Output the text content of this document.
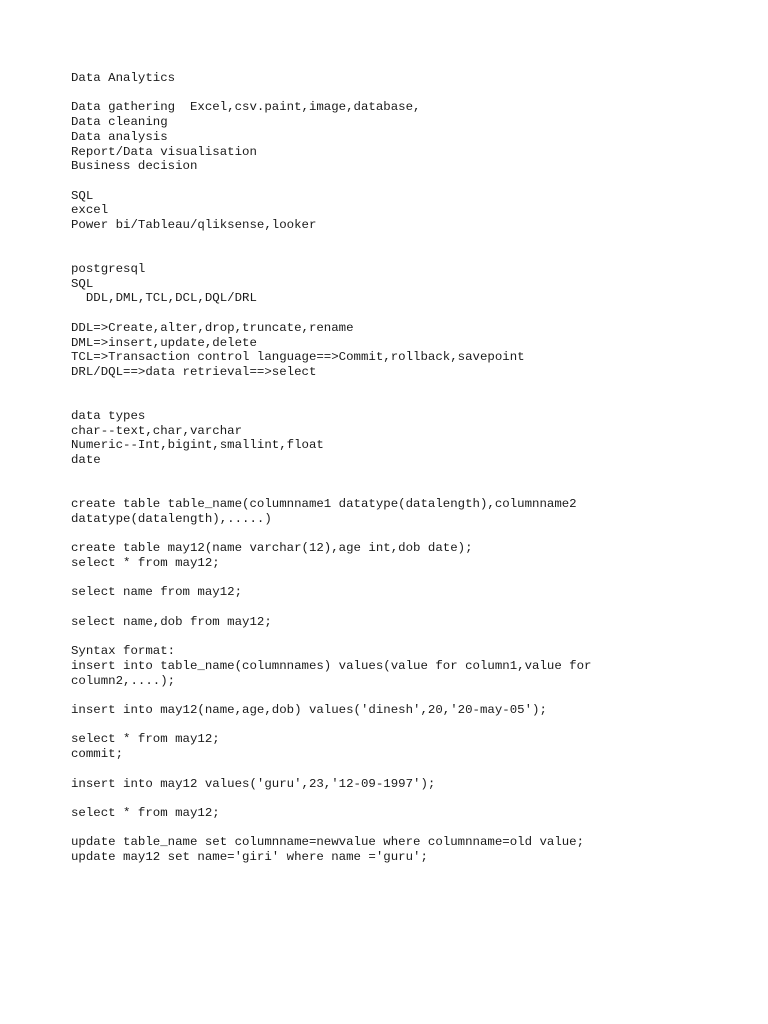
Data Analytics
Data gathering  Excel,csv.paint,image,database,
Data cleaning
Data analysis
Report/Data visualisation
Business decision
SQL
excel
Power bi/Tableau/qliksense,looker
postgresql
SQL
DDL,DML,TCL,DCL,DQL/DRL
DDL=>Create,alter,drop,truncate,rename
DML=>insert,update,delete
TCL=>Transaction control language==>Commit,rollback,savepoint
DRL/DQL==>data retrieval==>select
data types
char--text,char,varchar
Numeric--Int,bigint,smallint,float
date
create table table_name(columnname1 datatype(datalength),columnname2
datatype(datalength),.....)
create table may12(name varchar(12),age int,dob date);
select * from may12;
select name from may12;
select name,dob from may12;
Syntax format:
insert into table_name(columnnames) values(value for column1,value for
column2,....);
insert into may12(name,age,dob) values('dinesh',20,'20-may-05');
select * from may12;
commit;
insert into may12 values('guru',23,'12-09-1997');
select * from may12;
update table_name set columnname=newvalue where columnname=old value;
update may12 set name='giri' where name ='guru';
